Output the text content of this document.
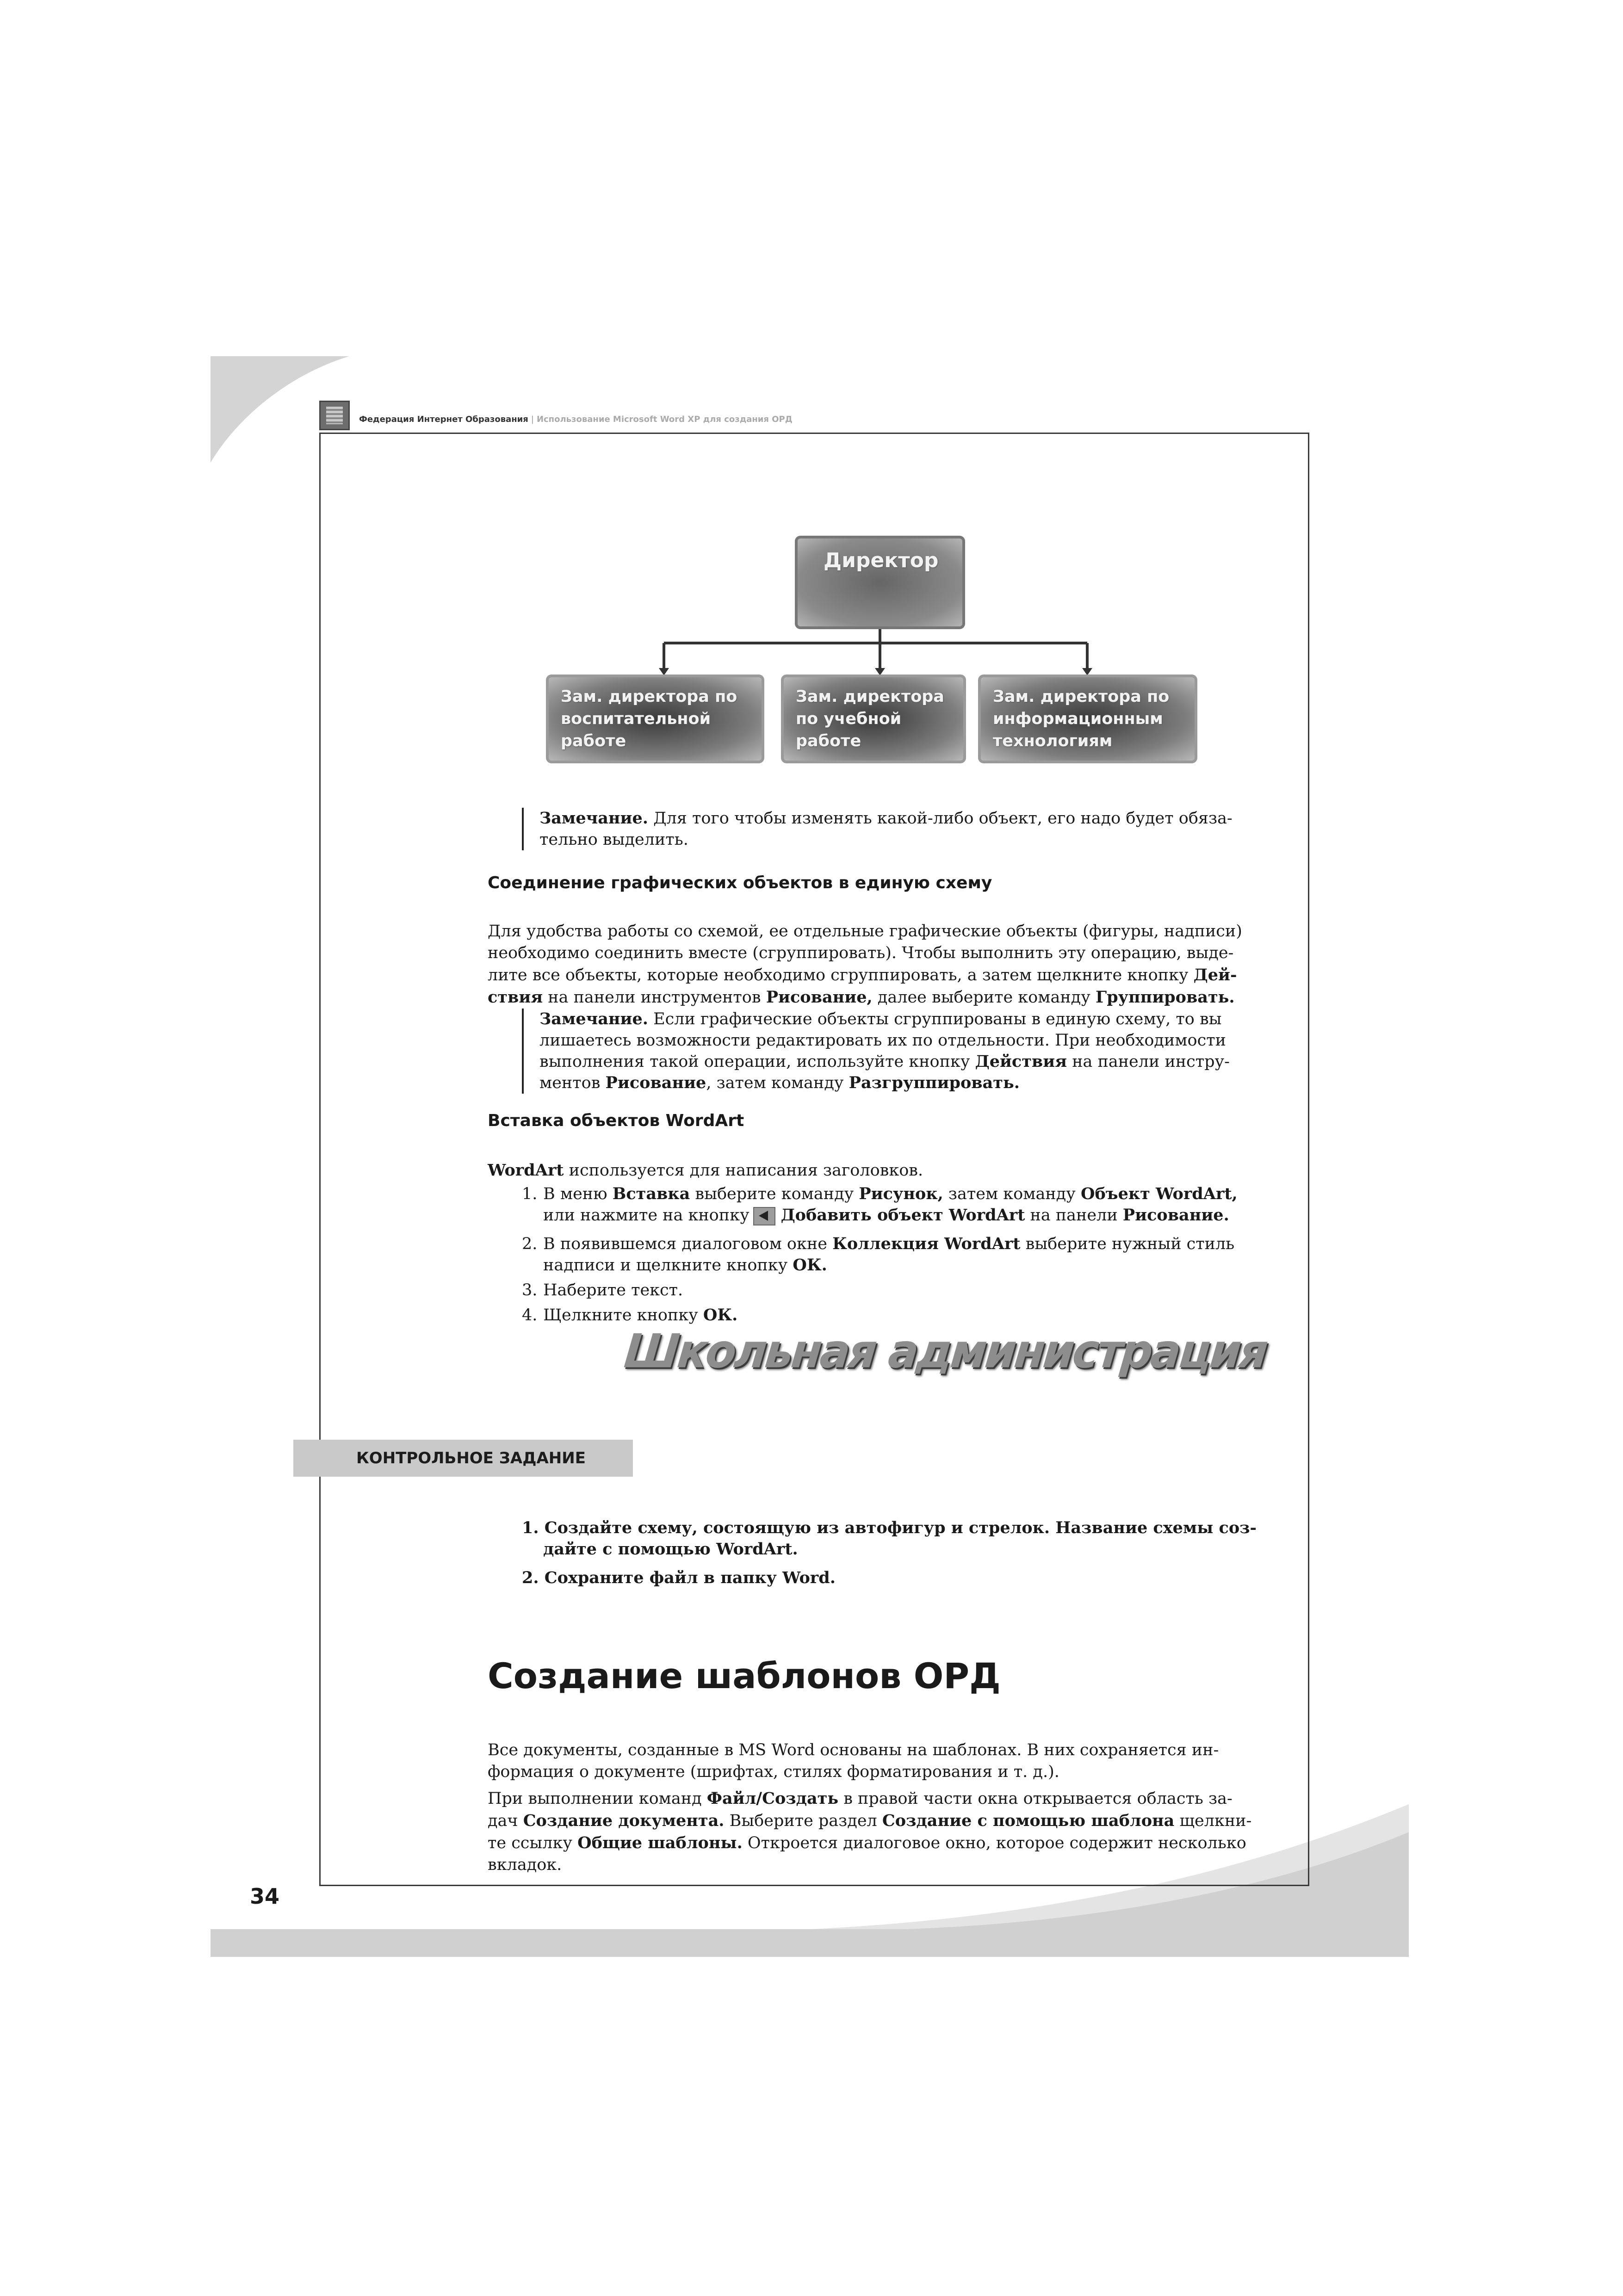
Федерация Интернет Образования | Использование Microsoft Word XP для создания ОРД
Директор
Зам. директора по
воспитательной
работе
Зам. директора
по учебной
работе
Зам. директора по
информационным
технологиям
Замечание. Для того чтобы изменять какой-либо объект, его надо будет обяза-
тельно выделить.
Соединение графических объектов в единую схему
Для удобства работы со схемой, ее отдельные графические объекты (фигуры, надписи)
необходимо соединить вместе (сгруппировать). Чтобы выполнить эту операцию, выде-
лите все объекты, которые необходимо сгруппировать, а затем щелкните кнопку Дей-
ствия на панели инструментов Рисование, далее выберите команду Группировать.
Замечание. Если графические объекты сгруппированы в единую схему, то вы
лишаетесь возможности редактировать их по отдельности. При необходимости
выполнения такой операции, используйте кнопку Действия на панели инстру-
ментов Рисование, затем команду Разгруппировать.
Вставка объектов WordArt
WordArt используется для написания заголовков.
1. В меню Вставка выберите команду Рисунок, затем команду Объект WordArt,
или нажмите на кнопку Добавить объект WordArt на панели Рисование.
2. В появившемся диалоговом окне Коллекция WordArt выберите нужный стиль
надписи и щелкните кнопку ОК.
3. Наберите текст.
4. Щелкните кнопку ОК.
Школьная администрация
КОНТРОЛЬНОЕ ЗАДАНИЕ
1. Создайте схему, состоящую из автофигур и стрелок. Название схемы соз-
дайте с помощью WordArt.
2. Сохраните файл в папку Word.
Создание шаблонов ОРД
Все документы, созданные в MS Word основаны на шаблонах. В них сохраняется ин-
формация о документе (шрифтах, стилях форматирования и т. д.).
При выполнении команд Файл/Создать в правой части окна открывается область за-
дач Создание документа. Выберите раздел Создание с помощью шаблона щелкни-
те ссылку Общие шаблоны. Откроется диалоговое окно, которое содержит несколько
вкладок.
34
